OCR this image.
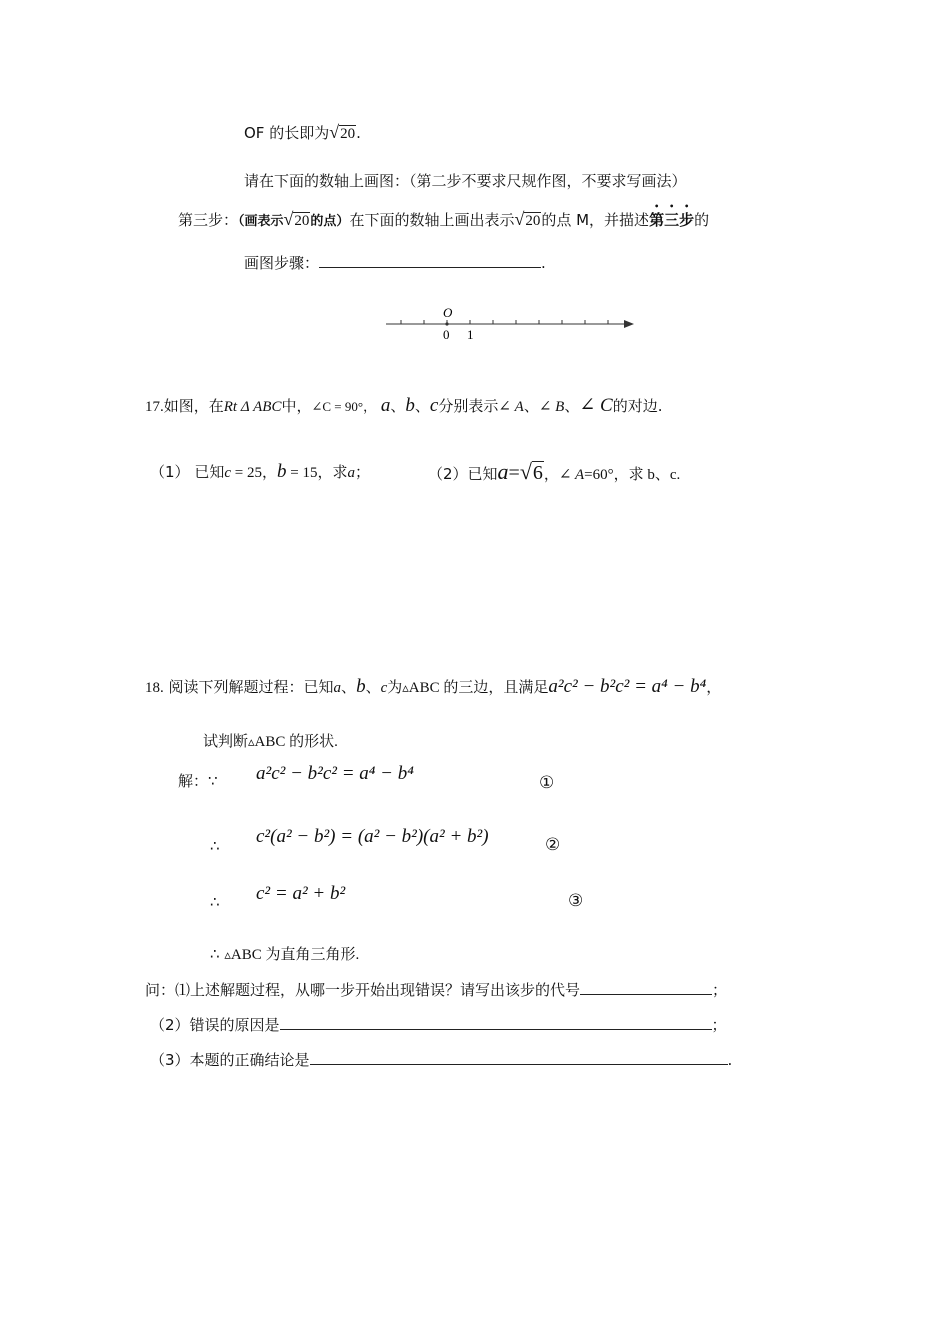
OF 的长即为√20.
请在下面的数轴上画图：（第二步不要求尺规作图，不要求写画法）
第三步：（画表示√20的点）在下面的数轴上画出表示√20的点 M，并描述第三步的
画图步骤：	.
O
0 1
17.如图，在Rt Δ ABC中，∠C = 90°， a、b、c分别表示∠ A、∠ B、∠ C的对边.
（1） 已知c = 25，b = 15，求a；	（2）已知a=√6，∠ A=60°，求 b、c.
18. 阅读下列解题过程：已知a、b、c为▵ABC 的三边，且满足a²c² − b²c² = a⁴ − b⁴，
试判断▵ABC 的形状.
解：∵ a²c² − b²c² = a⁴ − b⁴	①
∴ c²(a² − b²) = (a² − b²)(a² + b²)	②
∴ c² = a² + b²	③
∴ ▵ABC 为直角三角形.
问：⑴上述解题过程，从哪一步开始出现错误？请写出该步的代号	；
（2）错误的原因是	；
（3）本题的正确结论是	.
